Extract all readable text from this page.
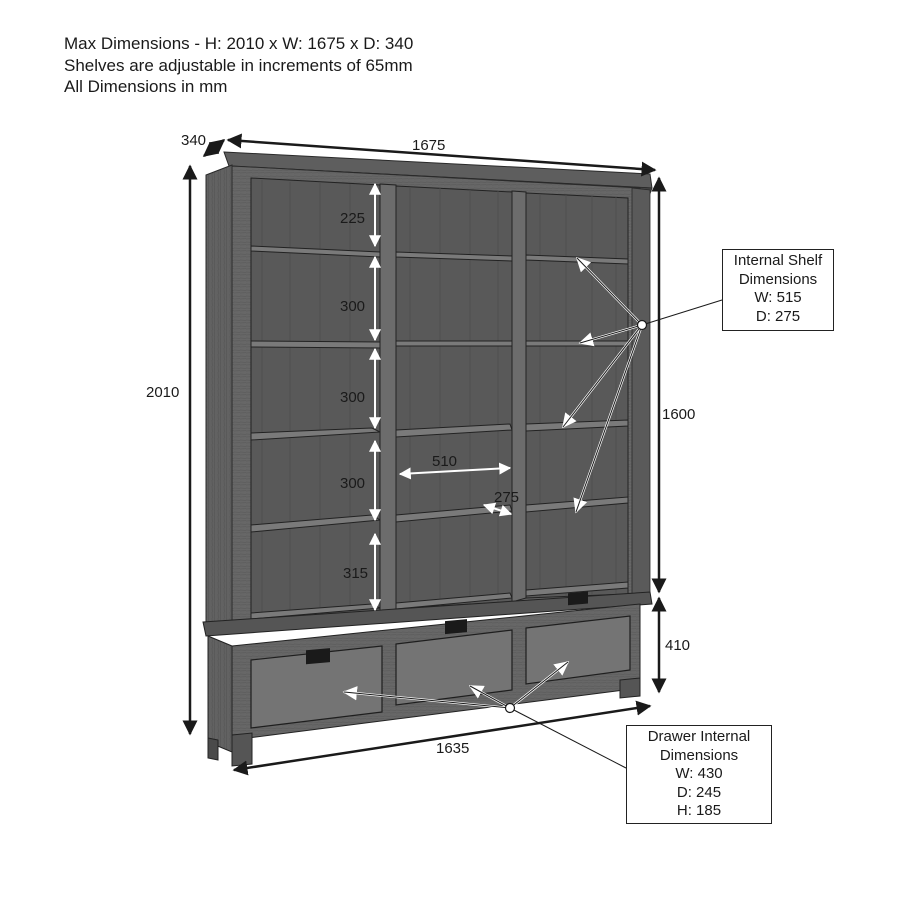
Max Dimensions - H: 2010 x W: 1675 x D: 340
Shelves are adjustable in increments of 65mm
All Dimensions in mm
340	1675
2010
1600
410
1635
225
300
300
300
315
510
275
Internal Shelf
Dimensions
W: 515
D: 275
Drawer Internal
Dimensions
W: 430
D: 245
H: 185
